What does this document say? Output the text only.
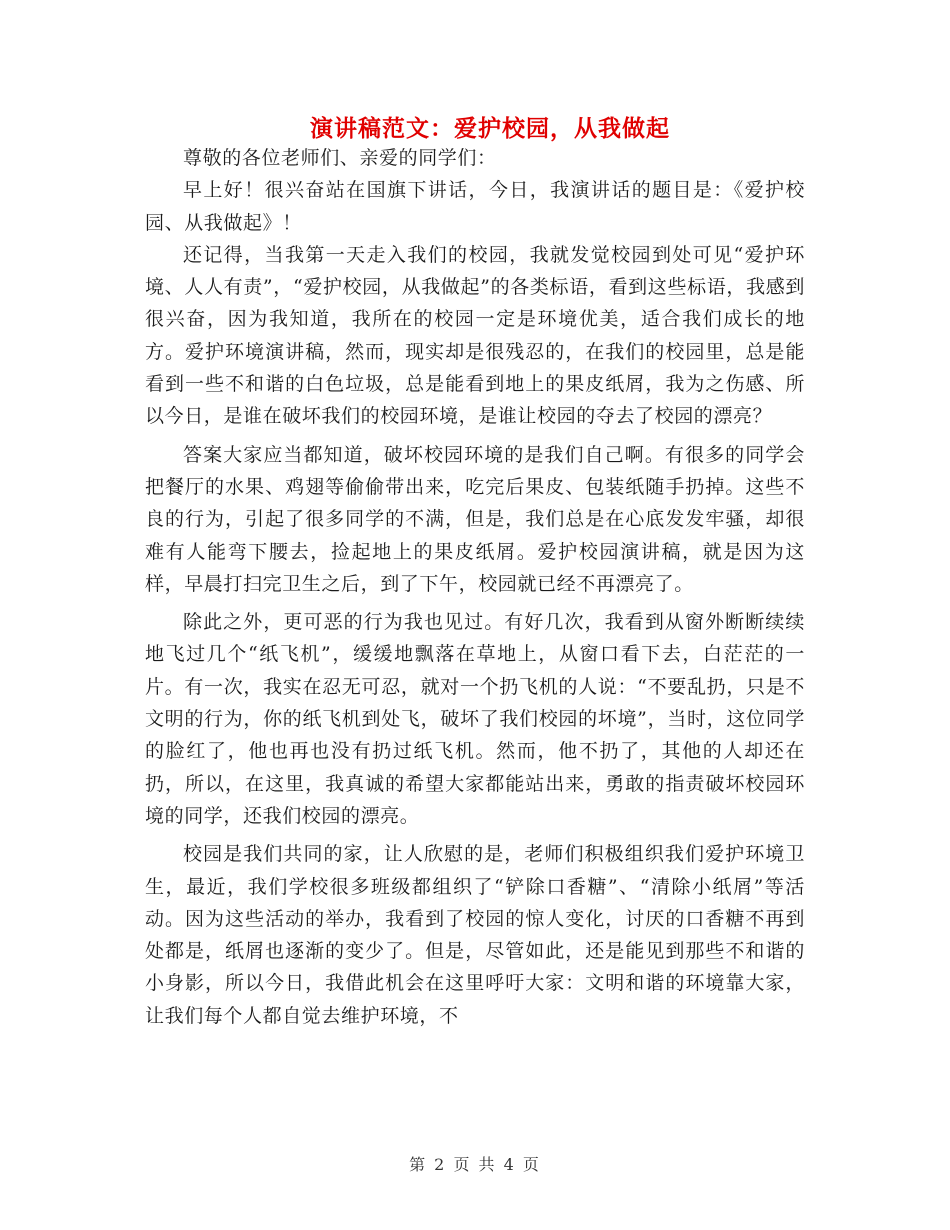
演讲稿范文：爱护校园，从我做起

尊敬的各位老师们、亲爱的同学们：

早上好！很兴奋站在国旗下讲话，今日，我演讲话的题目是：《爱护校园、从我做起》！

还记得，当我第一天走入我们的校园，我就发觉校园到处可见“爱护环境、人人有责”，“爱护校园，从我做起”的各类标语，看到这些标语，我感到很兴奋，因为我知道，我所在的校园一定是环境优美，适合我们成长的地方。爱护环境演讲稿，然而，现实却是很残忍的，在我们的校园里，总是能看到一些不和谐的白色垃圾，总是能看到地上的果皮纸屑，我为之伤感、所以今日，是谁在破坏我们的校园环境，是谁让校园的夺去了校园的漂亮？

答案大家应当都知道，破坏校园环境的是我们自己啊。有很多的同学会把餐厅的水果、鸡翅等偷偷带出来，吃完后果皮、包装纸随手扔掉。这些不良的行为，引起了很多同学的不满，但是，我们总是在心底发发牢骚，却很难有人能弯下腰去，捡起地上的果皮纸屑。爱护校园演讲稿，就是因为这样，早晨打扫完卫生之后，到了下午，校园就已经不再漂亮了。

除此之外，更可恶的行为我也见过。有好几次，我看到从窗外断断续续地飞过几个“纸飞机”，缓缓地飘落在草地上，从窗口看下去，白茫茫的一片。有一次，我实在忍无可忍，就对一个扔飞机的人说：“不要乱扔，只是不文明的行为，你的纸飞机到处飞，破坏了我们校园的坏境”，当时，这位同学的脸红了，他也再也没有扔过纸飞机。然而，他不扔了，其他的人却还在扔，所以，在这里，我真诚的希望大家都能站出来，勇敢的指责破坏校园环境的同学，还我们校园的漂亮。

校园是我们共同的家，让人欣慰的是，老师们积极组织我们爱护环境卫生，最近，我们学校很多班级都组织了“铲除口香糖”、“清除小纸屑”等活动。因为这些活动的举办，我看到了校园的惊人变化，讨厌的口香糖不再到处都是，纸屑也逐渐的变少了。但是，尽管如此，还是能见到那些不和谐的小身影，所以今日，我借此机会在这里呼吁大家：文明和谐的环境靠大家，让我们每个人都自觉去维护环境，不

第 2 页 共 4 页
